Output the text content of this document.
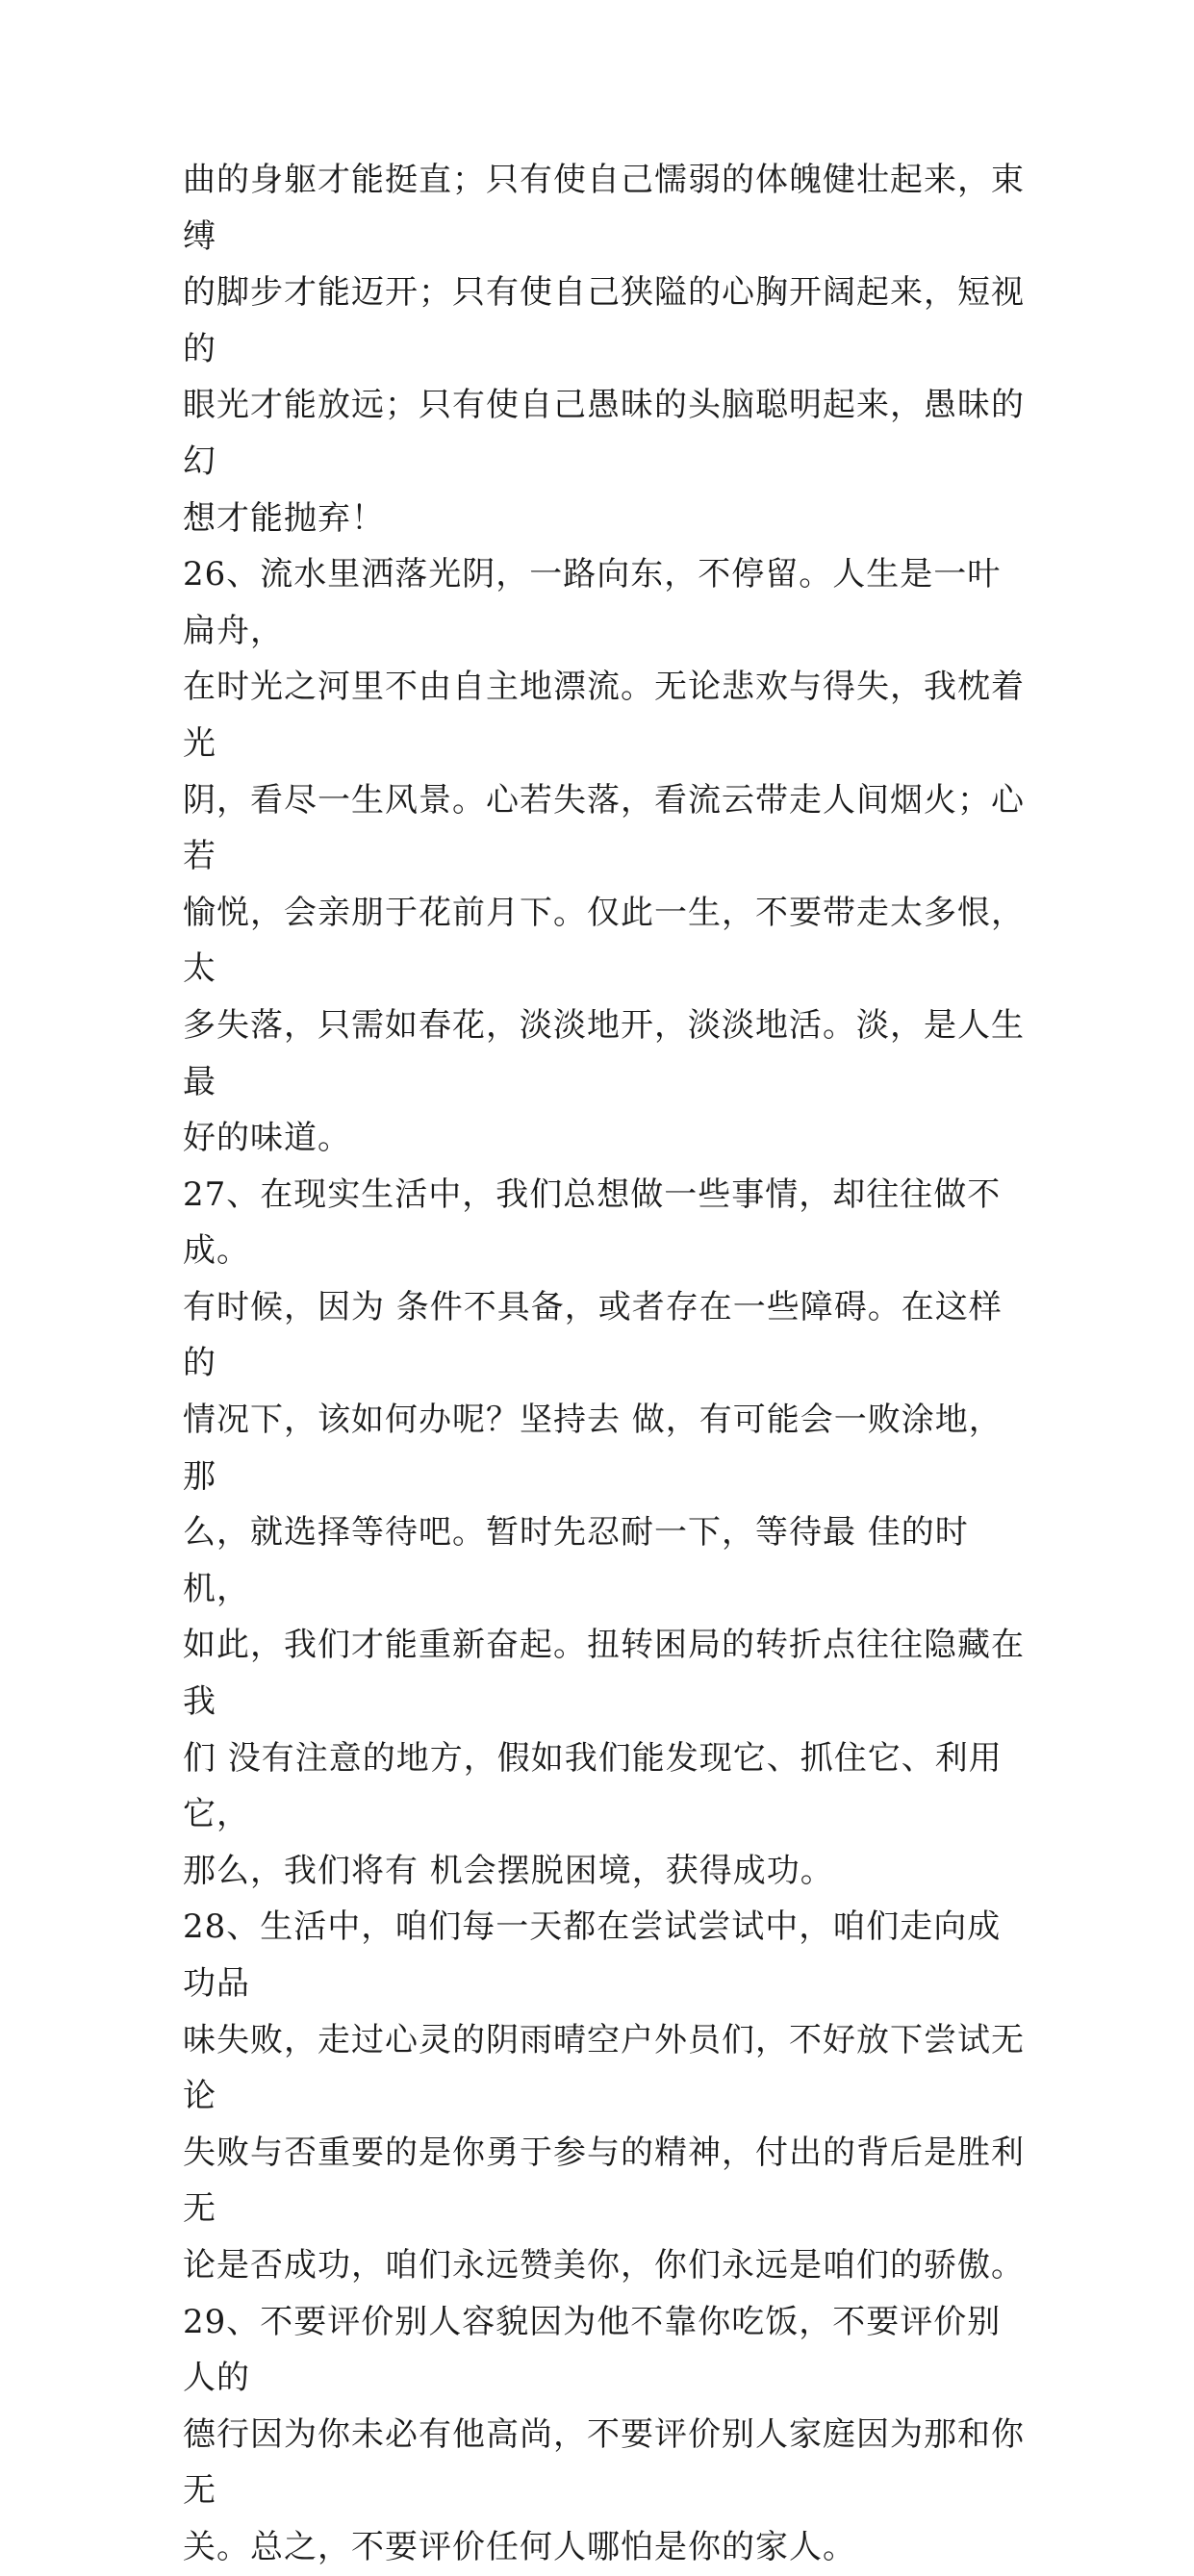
曲的身躯才能挺直；只有使自己懦弱的体魄健壮起来，束缚
的脚步才能迈开；只有使自己狭隘的心胸开阔起来，短视的
眼光才能放远；只有使自己愚昧的头脑聪明起来，愚昧的幻
想才能抛弃！

26、流水里洒落光阴，一路向东，不停留。人生是一叶扁舟，
在时光之河里不由自主地漂流。无论悲欢与得失，我枕着光
阴，看尽一生风景。心若失落，看流云带走人间烟火；心若
愉悦，会亲朋于花前月下。仅此一生，不要带走太多恨，太
多失落，只需如春花，淡淡地开，淡淡地活。淡，是人生最
好的味道。

27、在现实生活中，我们总想做一些事情，却往往做不成。
有时候，因为 条件不具备，或者存在一些障碍。在这样的
情况下，该如何办呢？坚持去 做，有可能会一败涂地，那
么，就选择等待吧。暂时先忍耐一下，等待最 佳的时机，
如此，我们才能重新奋起。扭转困局的转折点往往隐藏在我
们 没有注意的地方，假如我们能发现它、抓住它、利用它，
那么，我们将有 机会摆脱困境，获得成功。

28、生活中，咱们每一天都在尝试尝试中，咱们走向成功品
味失败，走过心灵的阴雨晴空户外员们，不好放下尝试无论
失败与否重要的是你勇于参与的精神，付出的背后是胜利无
论是否成功，咱们永远赞美你，你们永远是咱们的骄傲。

29、不要评价别人容貌因为他不靠你吃饭，不要评价别人的
德行因为你未必有他高尚，不要评价别人家庭因为那和你无
关。总之，不要评价任何人哪怕是你的家人。
